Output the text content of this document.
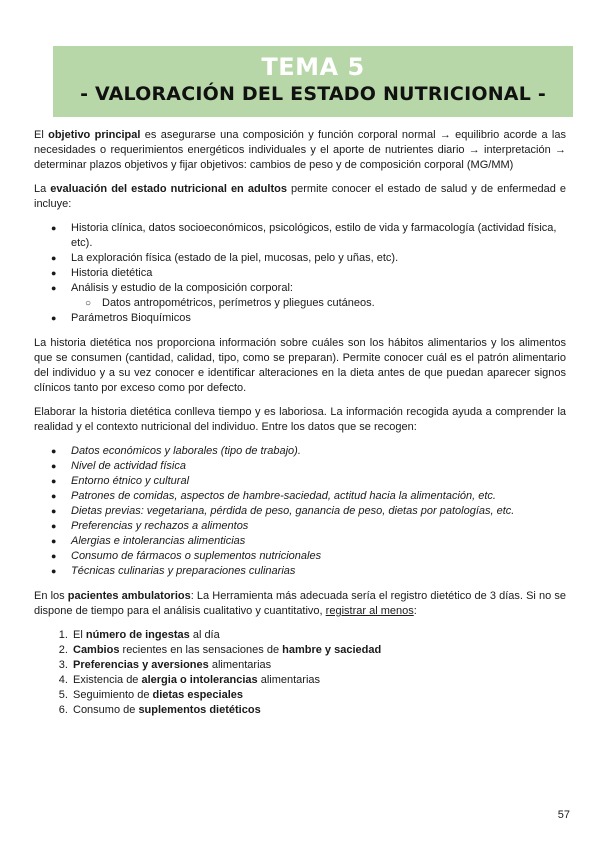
TEMA 5
- VALORACIÓN DEL ESTADO NUTRICIONAL -

El objetivo principal es asegurarse una composición y función corporal normal → equilibrio acorde a las necesidades o requerimientos energéticos individuales y el aporte de nutrientes diario → interpretación → determinar plazos objetivos y fijar objetivos: cambios de peso y de composición corporal (MG/MM)

La evaluación del estado nutricional en adultos permite conocer el estado de salud y de enfermedad e incluye:

● Historia clínica, datos socioeconómicos, psicológicos, estilo de vida y farmacología (actividad física, etc).
● La exploración física (estado de la piel, mucosas, pelo y uñas, etc).
● Historia dietética
● Análisis y estudio de la composición corporal:
○ Datos antropométricos, perímetros y pliegues cutáneos.
● Parámetros Bioquímicos

La historia dietética nos proporciona información sobre cuáles son los hábitos alimentarios y los alimentos que se consumen (cantidad, calidad, tipo, como se preparan). Permite conocer cuál es el patrón alimentario del individuo y a su vez conocer e identificar alteraciones en la dieta antes de que puedan aparecer signos clínicos tanto por exceso como por defecto.

Elaborar la historia dietética conlleva tiempo y es laboriosa. La información recogida ayuda a comprender la realidad y el contexto nutricional del individuo. Entre los datos que se recogen:

● Datos económicos y laborales (tipo de trabajo).
● Nivel de actividad física
● Entorno étnico y cultural
● Patrones de comidas, aspectos de hambre-saciedad, actitud hacia la alimentación, etc.
● Dietas previas: vegetariana, pérdida de peso, ganancia de peso, dietas por patologías, etc.
● Preferencias y rechazos a alimentos
● Alergias e intolerancias alimenticias
● Consumo de fármacos o suplementos nutricionales
● Técnicas culinarias y preparaciones culinarias

En los pacientes ambulatorios: La Herramienta más adecuada sería el registro dietético de 3 días. Si no se dispone de tiempo para el análisis cualitativo y cuantitativo, registrar al menos:

1. El número de ingestas al día
2. Cambios recientes en las sensaciones de hambre y saciedad
3. Preferencias y aversiones alimentarias
4. Existencia de alergia o intolerancias alimentarias
5. Seguimiento de dietas especiales
6. Consumo de suplementos dietéticos
57
